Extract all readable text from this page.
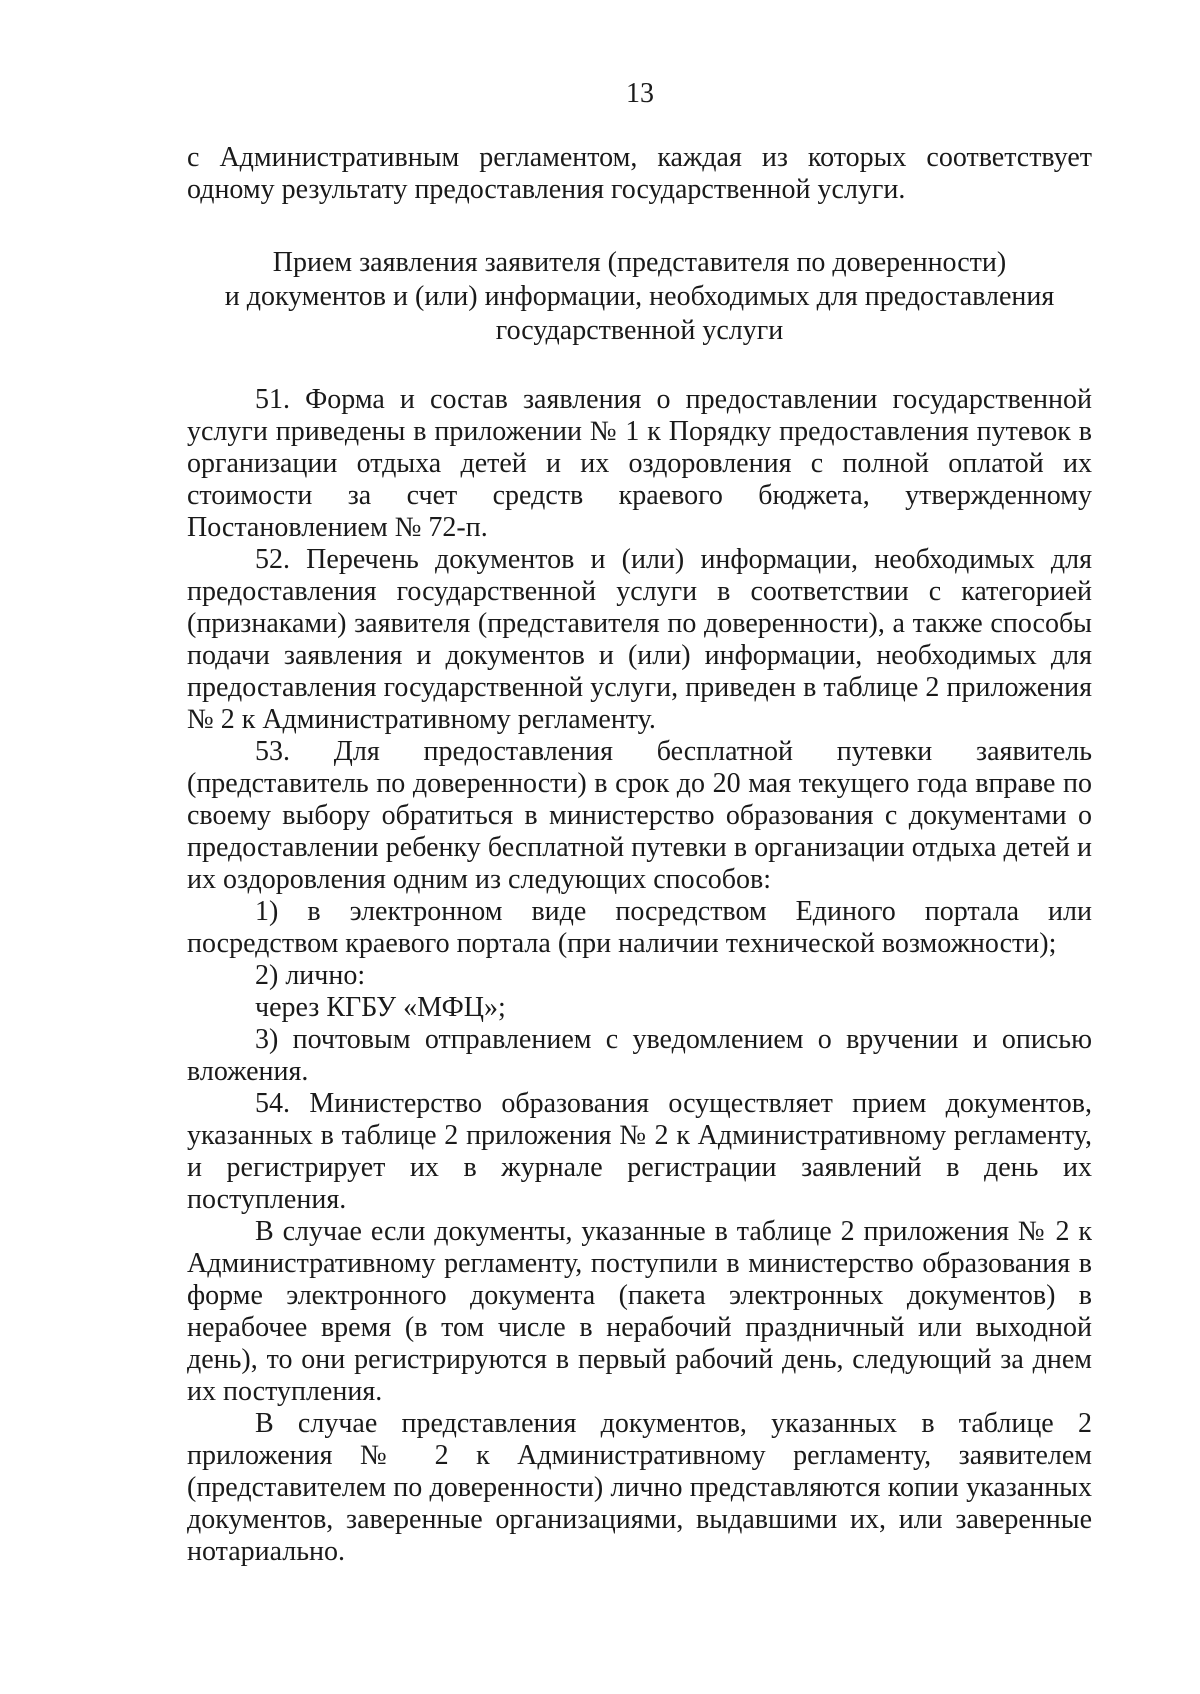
13

с Административным регламентом, каждая из которых соответствует одному результату предоставления государственной услуги.

Прием заявления заявителя (представителя по доверенности)
и документов и (или) информации, необходимых для предоставления
государственной услуги

51. Форма и состав заявления о предоставлении государственной услуги приведены в приложении № 1 к Порядку предоставления путевок в организации отдыха детей и их оздоровления с полной оплатой их стоимости за счет средств краевого бюджета, утвержденному Постановлением № 72-п.

52. Перечень документов и (или) информации, необходимых для предоставления государственной услуги в соответствии с категорией (признаками) заявителя (представителя по доверенности), а также способы подачи заявления и документов и (или) информации, необходимых для предоставления государственной услуги, приведен в таблице 2 приложения № 2 к Административному регламенту.

53. Для предоставления бесплатной путевки заявитель (представитель по доверенности) в срок до 20 мая текущего года вправе по своему выбору обратиться в министерство образования с документами о предоставлении ребенку бесплатной путевки в организации отдыха детей и их оздоровления одним из следующих способов:

1) в электронном виде посредством Единого портала или посредством краевого портала (при наличии технической возможности);

2) лично:

через КГБУ «МФЦ»;

3) почтовым отправлением с уведомлением о вручении и описью вложения.

54. Министерство образования осуществляет прием документов, указанных в таблице 2 приложения № 2 к Административному регламенту, и регистрирует их в журнале регистрации заявлений в день их поступления.

В случае если документы, указанные в таблице 2 приложения № 2 к Административному регламенту, поступили в министерство образования в форме электронного документа (пакета электронных документов) в нерабочее время (в том числе в нерабочий праздничный или выходной день), то они регистрируются в первый рабочий день, следующий за днем их поступления.

В случае представления документов, указанных в таблице 2 приложения № 2 к Административному регламенту, заявителем (представителем по доверенности) лично представляются копии указанных документов, заверенные организациями, выдавшими их, или заверенные нотариально.
